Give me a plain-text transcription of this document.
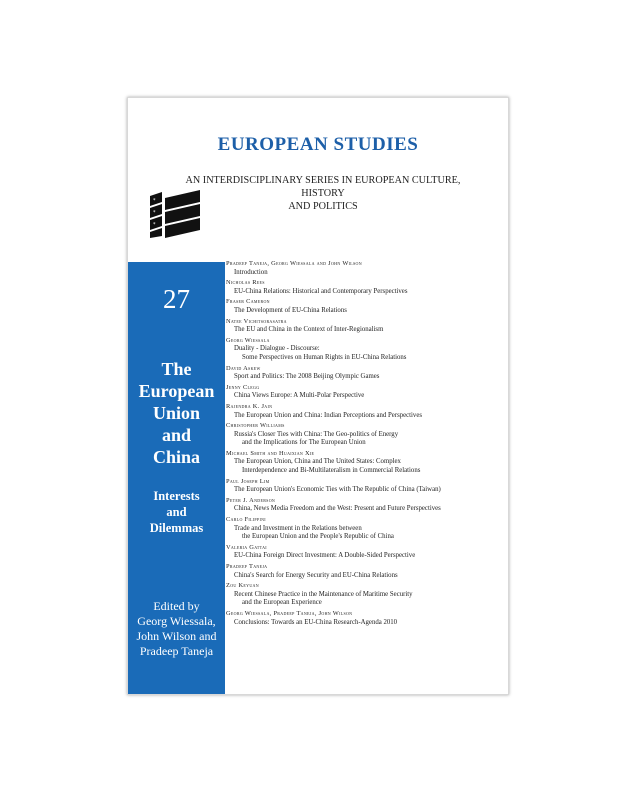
EUROPEAN STUDIES
AN INTERDISCIPLINARY SERIES IN EUROPEAN CULTURE, HISTORY
AND POLITICS
*
*
*
27
The
European
Union
and
China
Interests
and
Dilemmas
Edited by
Georg Wiessala,
John Wilson and
Pradeep Taneja
Pradeep Taneja, Georg Wiessala and John Wilson
Introduction
Nicholas Rees
EU-China Relations: Historical and Contemporary Perspectives
Fraser Cameron
The Development of EU-China Relations
Natee Vichitsorasatra
The EU and China in the Context of Inter-Regionalism
Georg Wiessala
Duality - Dialogue - Discourse:
Some Perspectives on Human Rights in EU-China Relations
David Askew
Sport and Politics: The 2008 Beijing Olympic Games
Jenny Clegg
China Views Europe: A Multi-Polar Perspective
Rajendra K. Jain
The European Union and China: Indian Perceptions and Perspectives
Christopher Williams
Russia's Closer Ties with China: The Geo-politics of Energy
and the Implications for The European Union
Michael Smith and Huaixian Xie
The European Union, China and The United States: Complex
Interdependence and Bi-Multilateralism in Commercial Relations
Paul Joseph Lim
The European Union's Economic Ties with The Republic of China (Taiwan)
Peter J. Anderson
China, News Media Freedom and the West: Present and Future Perspectives
Carlo Filippini
Trade and Investment in the Relations between
the European Union and the People's Republic of China
Valeria Gattai
EU-China Foreign Direct Investment: A Double-Sided Perspective
Pradeep Taneja
China's Search for Energy Security and EU-China Relations
Zou Keyuan
Recent Chinese Practice in the Maintenance of Maritime Security
and the European Experience
Georg Wiessala, Pradeep Taneja, John Wilson
Conclusions: Towards an EU-China Research-Agenda 2010
